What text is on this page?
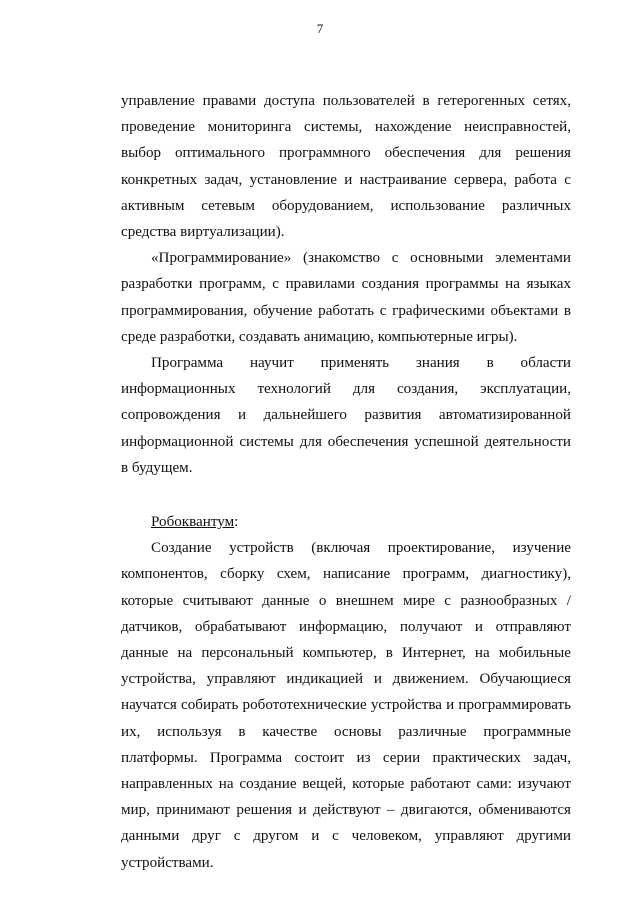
7

управление правами доступа пользователей в гетерогенных сетях, проведение мониторинга системы, нахождение неисправностей, выбор оптимального программного обеспечения для решения конкретных задач, установление и настраивание сервера, работа с активным сетевым оборудованием, использование различных средства виртуализации).

«Программирование» (знакомство с основными элементами разработки программ, с правилами создания программы на языках программирования, обучение работать с графическими объектами в среде разработки, создавать анимацию, компьютерные игры).

Программа научит применять знания в области информационных технологий для создания, эксплуатации, сопровождения и дальнейшего развития автоматизированной информационной системы для обеспечения успешной деятельности в будущем.

Робоквантум:

Создание устройств (включая проектирование, изучение компонентов, сборку схем, написание программ, диагностику), которые считывают данные о внешнем мире с разнообразных /датчиков, обрабатывают информацию, получают и отправляют данные на персональный компьютер, в Интернет, на мобильные устройства, управляют индикацией и движением. Обучающиеся научатся собирать робототехнические устройства и программировать их, используя в качестве основы различные программные платформы. Программа состоит из серии практических задач, направленных на создание вещей, которые работают сами: изучают мир, принимают решения и действуют – двигаются, обмениваются данными друг с другом и с человеком, управляют другими устройствами.
